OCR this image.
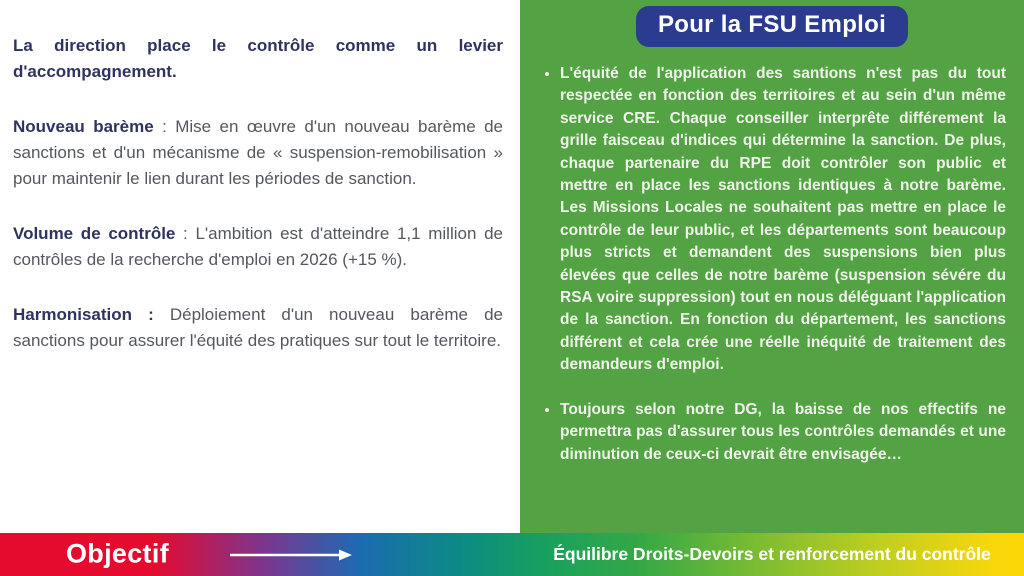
La direction place le contrôle comme un levier d'accompagnement.

Nouveau barème : Mise en œuvre d'un nouveau barème de sanctions et d'un mécanisme de « suspension-remobilisation » pour maintenir le lien durant les périodes de sanction.

Volume de contrôle : L'ambition est d'atteindre 1,1 million de contrôles de la recherche d'emploi en 2026 (+15 %).

Harmonisation : Déploiement d'un nouveau barème de sanctions pour assurer l'équité des pratiques sur tout le territoire.

Pour la FSU Emploi
• L'équité de l'application des santions n'est pas du tout respectée en fonction des territoires et au sein d'un même service CRE. Chaque conseiller interprête différement la grille faisceau d'indices qui détermine la sanction. De plus, chaque partenaire du RPE doit contrôler son public et mettre en place les sanctions identiques à notre barème. Les Missions Locales ne souhaitent pas mettre en place le contrôle de leur public, et les départements sont beaucoup plus stricts et demandent des suspensions bien plus élevées que celles de notre barème (suspension sévére du RSA voire suppression) tout en nous déléguant l'application de la sanction. En fonction du département, les sanctions différent et cela crée une réelle inéquité de traitement des demandeurs d'emploi.
• Toujours selon notre DG, la baisse de nos effectifs ne permettra pas d'assurer tous les contrôles demandés et une diminution de ceux-ci devrait être envisagée…
Objectif	Équilibre Droits-Devoirs et renforcement du contrôle
